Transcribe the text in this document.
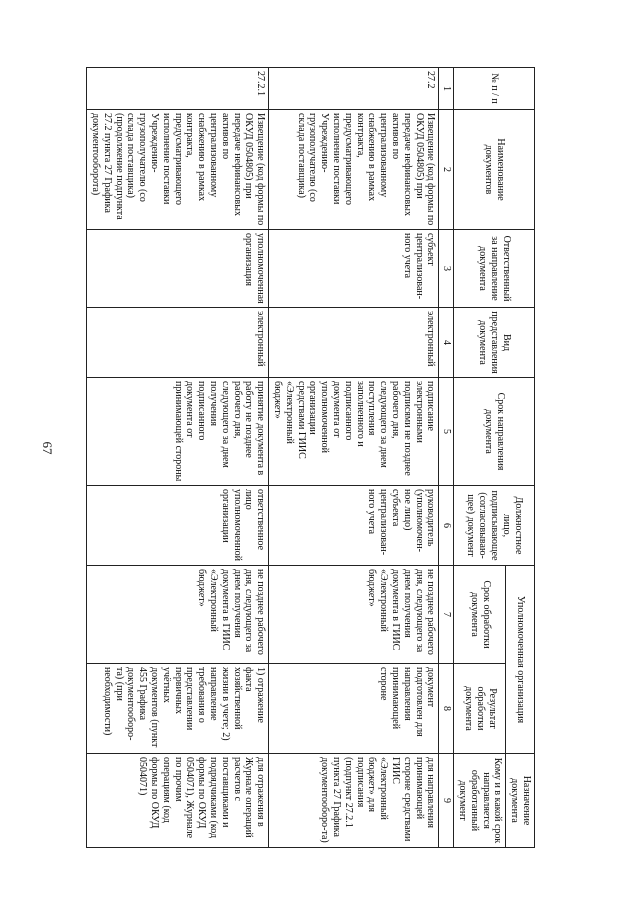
67
№ п / п	Наименование документов	Ответственный за направление документа	Вид представления документа	Срок направления документа	Должностное лицо, подписывающее (согласовываю-щее) документ	Уполномоченная организация		Назначение документа
						Срок обработки документа	Результат обработки документа	Кому и в какой срок направляется обработанный документ
1	2	3	4	5	6	7	8	9
27.2	Извещение (код формы по ОКУД 0504805) при передаче нефинансовых активов по централизованному снабжению в рамках контракта, предусматривающего исполнение поставки Учреждению-грузополучателю (со склада поставщика)	субъект централизован-ного учета	электронный	подписание электронными подписями не позднее рабочего дня, следующего за днем поступления заполненного и подписанного документа от уполномоченной организации средствами ГИИС «Электронный бюджет»	руководитель (уполномочен-ное лицо) субъекта централизован-ного учета	не позднее рабочего дня, следующего за днем получения документа в ГИИС «Электронный бюджет»	документ подготовлен для направления принимающей стороне	для направления принимающей стороне средствами ГИИС «Электронный бюджет» для подписания (подпункт 27.2.1 пункта 27 Графика документооборо-та)
27.2.1	Извещение (код формы по ОКУД 0504805) при передаче нефинансовых активов по централизованному снабжению в рамках контракта, предусматривающего исполнение поставки Учреждению-грузополучателю (со склада поставщика) (продолжение подпункта 27.2 пункта 27 Графика документооборота)	уполномоченная организация	электронный	принятие документа в работу не позднее рабочего дня, следующего за днем получения подписанного документа от принимающей стороны	ответственное лицо уполномоченной организации	не позднее рабочего дня, следующего за днем получения документа в ГИИС «Электронный бюджет»	1) отражение факта хозяйственной жизни в учете; 2) направление требования о представлении первичных учётных документов (пункт 455 Графика документооборо-та) (при необходимости)	для отражения в Журнале операций расчетов с поставщиками и подрядчиками (код формы по ОКУД 0504071), Журнале по прочим операциям (код формы по ОКУД 0504071)
